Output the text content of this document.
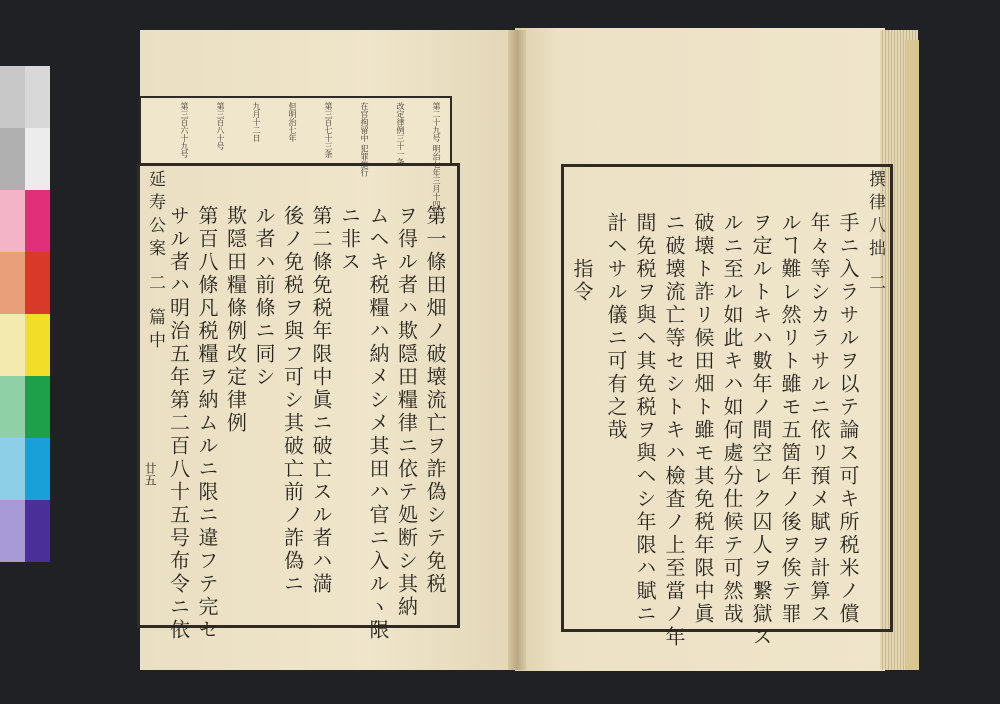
第二十九号 明治七年三月十四日
改定律例三十一条
在官拘留中 犯罪施行
第三百七十三条
但明治七年
九月十二日
第三百八十号
第三百六十九号
延寿公案 二 篇中
廿五	第一條田畑ノ破壊流亡ヲ詐偽シテ免税
ヲ得ル者ハ欺隠田糧律ニ依テ処断シ其納
ムヘキ税糧ハ納メシメ其田ハ官ニ入ルヽ限
ニ非ス
第二條免税年限中眞ニ破亡スル者ハ満
後ノ免税ヲ與フ可シ其破亡前ノ詐偽ニ
ル者ハ前條ニ同シ
欺隠田糧條例改定律例
第百八條凡税糧ヲ納ムルニ限ニ違フテ完セ
サル者ハ明治五年第二百八十五号布令ニ依	撰律八拙 二
手ニ入ラサルヲ以テ論ス可キ所税米ノ償
年々等シカラサルニ依リ預メ賦ヲ計算ス
ルヿ難レ然リト雖モ五箇年ノ後ヲ俟テ罪
ヲ定ルトキハ數年ノ間空レク囚人ヲ繋獄ス
ルニ至ル如此キハ如何處分仕候テ可然哉
破壊ト詐リ候田畑ト雖モ其免税年限中眞
ニ破壊流亡等セシトキハ檢査ノ上至當ノ年
間免税ヲ與ヘ其免税ヲ與ヘシ年限ハ賦ニ
計ヘサル儀ニ可有之哉
指令
